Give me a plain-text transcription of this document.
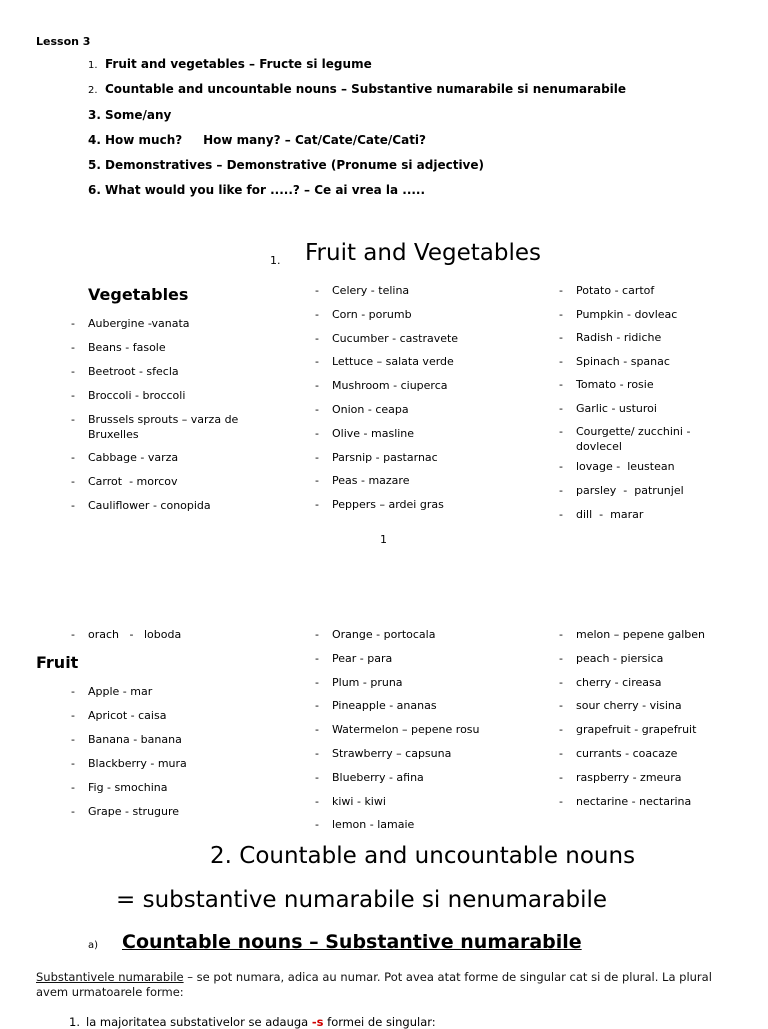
Lesson 3
1. Fruit and vegetables – Fructe si legume
2. Countable and uncountable nouns – Substantive numarabile si nenumarabile
3. Some/any
4. How much?     How many? – Cat/Cate/Cate/Cati?
5. Demonstratives – Demonstrative (Pronume si adjective)
6. What would you like for .....? – Ce ai vrea la .....
1. Fruit and Vegetables
Vegetables
- Aubergine -vanata
- Beans - fasole
- Beetroot - sfecla
- Broccoli - broccoli
- Brussels sprouts – varza de Bruxelles
- Cabbage - varza
- Carrot  - morcov
- Cauliflower - conopida
- Celery - telina
- Corn - porumb
- Cucumber - castravete
- Lettuce – salata verde
- Mushroom - ciuperca
- Onion - ceapa
- Olive - masline
- Parsnip - pastarnac
- Peas - mazare
- Peppers – ardei gras
- Potato - cartof
- Pumpkin - dovleac
- Radish - ridiche
- Spinach - spanac
- Tomato - rosie
- Garlic - usturoi
- Courgette/ zucchini - dovlecel
- lovage -  leustean
- parsley  -  patrunjel
- dill  -  marar
1
- orach   -   loboda
Fruit
- Apple - mar
- Apricot - caisa
- Banana - banana
- Blackberry - mura
- Fig - smochina
- Grape - strugure
- Orange - portocala
- Pear - para
- Plum - pruna
- Pineapple - ananas
- Watermelon – pepene rosu
- Strawberry – capsuna
- Blueberry - afina
- kiwi - kiwi
- lemon - lamaie
- melon – pepene galben
- peach - piersica
- cherry - cireasa
- sour cherry - visina
- grapefruit - grapefruit
- currants - coacaze
- raspberry - zmeura
- nectarine - nectarina
2. Countable and uncountable nouns
= substantive numarabile si nenumarabile
a) Countable nouns – Substantive numarabile
Substantivele numarabile – se pot numara, adica au numar. Pot avea atat forme de singular cat si de plural. La plural avem urmatoarele forme:
1. la majoritatea substativelor se adauga -s formei de singular:
